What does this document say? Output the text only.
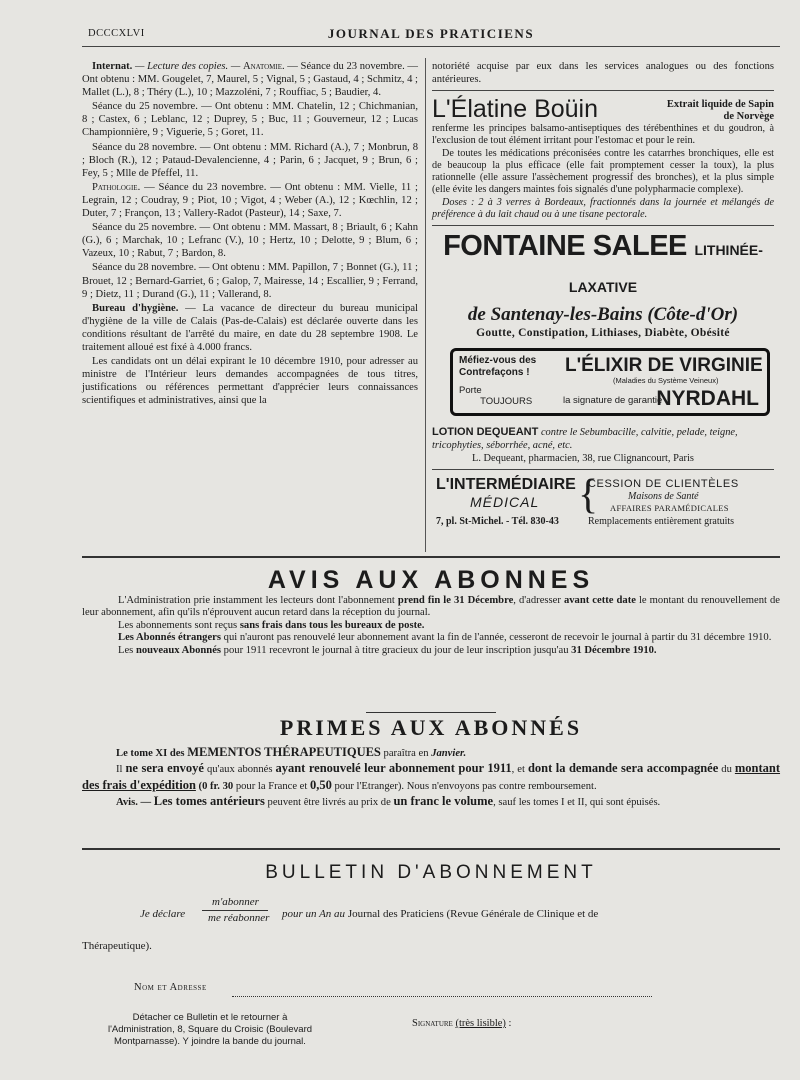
DCCCXLVI	JOURNAL DES PRATICIENS

Internat. — Lecture des copies. — Anatomie. — Séance du 23 novembre. — Ont obtenu : MM. Gougelet, 7, Maurel, 5 ; Vignal, 5 ; Gastaud, 4 ; Schmitz, 4 ; Mallet (L.), 8 ; Théry (L.), 10 ; Mazzoléni, 7 ; Rouffiac, 5 ; Baudier, 4.

Séance du 25 novembre. — Ont obtenu : MM. Chatelin, 12 ; Chichmanian, 8 ; Castex, 6 ; Leblanc, 12 ; Duprey, 5 ; Buc, 11 ; Gouverneur, 12 ; Lucas Championnière, 9 ; Viguerie, 5 ; Goret, 11.

Séance du 28 novembre. — Ont obtenu : MM. Richard (A.), 7 ; Monbrun, 8 ; Bloch (R.), 12 ; Pataud-Devalencienne, 4 ; Parin, 6 ; Jacquet, 9 ; Brun, 6 ; Fey, 5 ; Mlle de Pfeffel, 11.

Pathologie. — Séance du 23 novembre. — Ont obtenu : MM. Vielle, 11 ; Legrain, 12 ; Coudray, 9 ; Piot, 10 ; Vigot, 4 ; Weber (A.), 12 ; Kœchlin, 12 ; Duter, 7 ; Françon, 13 ; Vallery-Radot (Pasteur), 14 ; Saxe, 7.

Séance du 25 novembre. — Ont obtenu : MM. Massart, 8 ; Briault, 6 ; Kahn (G.), 6 ; Marchak, 10 ; Lefranc (V.), 10 ; Hertz, 10 ; Delotte, 9 ; Blum, 6 ; Vazeux, 10 ; Rabut, 7 ; Bardon, 8.

Séance du 28 novembre. — Ont obtenu : MM. Papillon, 7 ; Bonnet (G.), 11 ; Brouet, 12 ; Bernard-Garriet, 6 ; Galop, 7, Mairesse, 14 ; Escallier, 9 ; Ferrand, 9 ; Dietz, 11 ; Durand (G.), 11 ; Vallerand, 8.

Bureau d'hygiène. — La vacance de directeur du bureau municipal d'hygiène de la ville de Calais (Pas-de-Calais) est déclarée ouverte dans les conditions résultant de l'arrêté du maire, en date du 28 septembre 1908. Le traitement alloué est fixé à 4.000 francs.

Les candidats ont un délai expirant le 10 décembre 1910, pour adresser au ministre de l'Intérieur leurs demandes accompagnées de tous titres, justifications ou références permettant d'apprécier leurs connaissances scientifiques et administratives, ainsi que la

notoriété acquise par eux dans les services analogues ou des fonctions antérieures.

L'Élatine Boüin	Extrait liquide de Sapin de Norvège

renferme les principes balsamo-antiseptiques des térébenthines et du goudron, à l'exclusion de tout élément irritant pour l'estomac et pour le rein.

De toutes les médications préconisées contre les catarrhes bronchiques, elle est de beaucoup la plus efficace (elle fait promptement cesser la toux), la plus rationnelle (elle assure l'assèchement progressif des bronches), et la plus simple (elle évite les dangers maintes fois signalés d'une polypharmacie complexe).

Doses : 2 à 3 verres à Bordeaux, fractionnés dans la journée et mélangés de préférence à du lait chaud ou à une tisane pectorale.

FONTAINE SALEE LITHINÉE-LAXATIVE
de Santenay-les-Bains (Côte-d'Or)
Goutte, Constipation, Lithiases, Diabète, Obésité
Méfiez-vous des
Contrefaçons !	L'ÉLIXIR DE VIRGINIE
(Maladies du Système Veineux)
Porte
TOUJOURS	la signature de garantie
NYRDAHL
LOTION DEQUEANT contre le Sebumbacille, calvitie, pelade, teigne, tricophyties, séborrhée, acné, etc.
L. Dequeant, pharmacien, 38, rue Clignancourt, Paris
L'INTERMÉDIAIRE
MÉDICAL
7, pl. St-Michel. - Tél. 830-43
{
CESSION DE CLIENTÈLES
Maisons de Santé
AFFAIRES PARAMÉDICALES
Remplacements entièrement gratuits
AVIS AUX ABONNES

L'Administration prie instamment les lecteurs dont l'abonnement prend fin le 31 Décembre, d'adresser avant cette date le montant du renouvellement de leur abonnement, afin qu'ils n'éprouvent aucun retard dans la réception du journal.

Les abonnements sont reçus sans frais dans tous les bureaux de poste.

Les Abonnés étrangers qui n'auront pas renouvelé leur abonnement avant la fin de l'année, cesseront de recevoir le journal à partir du 31 décembre 1910.

Les nouveaux Abonnés pour 1911 recevront le journal à titre gracieux du jour de leur inscription jusqu'au 31 Décembre 1910.

PRIMES AUX ABONNÉS

Le tome XI des MEMENTOS THÉRAPEUTIQUES paraîtra en Janvier.

Il ne sera envoyé qu'aux abonnés ayant renouvelé leur abonnement pour 1911, et dont la demande sera accompagnée du montant des frais d'expédition (0 fr. 30 pour la France et 0,50 pour l'Etranger). Nous n'envoyons pas contre remboursement.

Avis. — Les tomes antérieurs peuvent être livrés au prix de un franc le volume, sauf les tomes I et II, qui sont épuisés.

BULLETIN D'ABONNEMENT
Je déclare
m'abonner
me réabonner pour un An au Journal des Praticiens (Revue Générale de Clinique et de
Thérapeutique).
Nom et Adresse
Détacher ce Bulletin et le retourner à l'Administration, 8, Square du Croisic (Boulevard Montparnasse). Y joindre la bande du journal.
Signature (très lisible) :
